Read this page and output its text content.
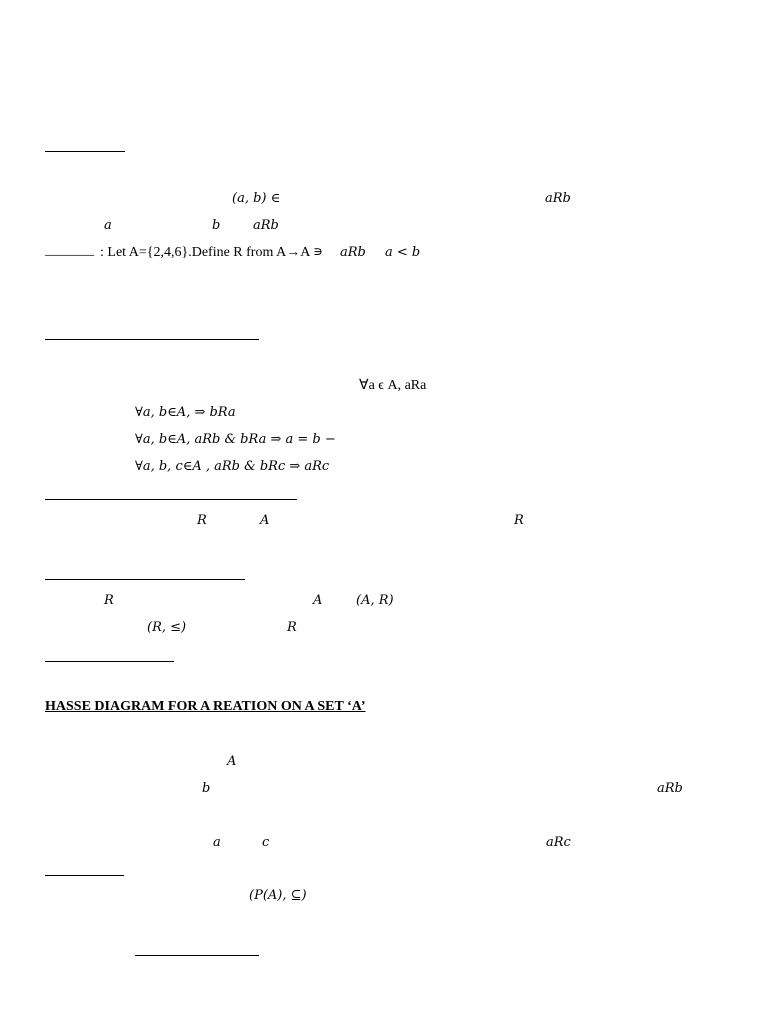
(a, b) ∈	aRb
a	b	aRb
_______ : Let A={2,4,6}.Define R from A→A ∍ aRb a < b
∀a ϵ A, aRa
∀a, b∈A, ⇒ bRa
∀a, b∈A, aRb & bRa ⇒ a = b −
∀a, b, c∈A , aRb & bRc ⇒ aRc
R	A	R
R	A	(A, R)
(R, ≤)	R
HASSE DIAGRAM FOR A REATION ON A SET ‘A’
A
b	aRb
a	c	aRc
(P(A), ⊆)
